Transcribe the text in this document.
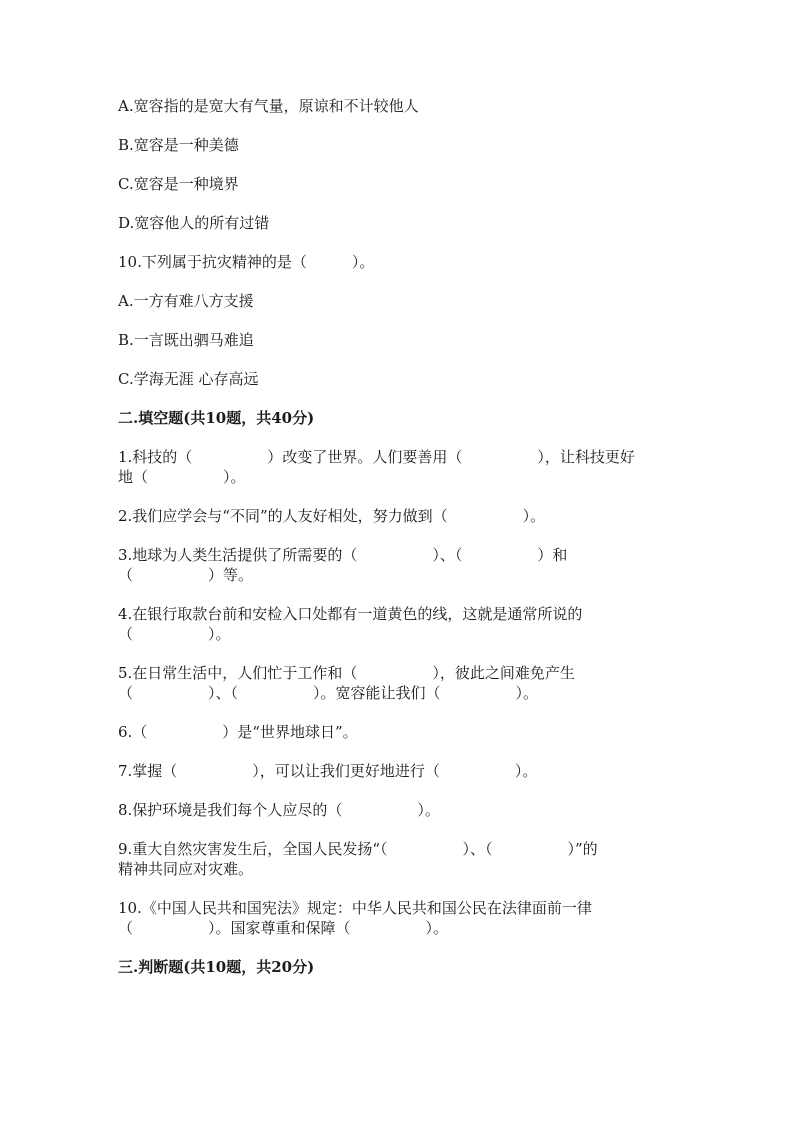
A.宽容指的是宽大有气量，原谅和不计较他人
B.宽容是一种美德
C.宽容是一种境界
D.宽容他人的所有过错
10.下列属于抗灾精神的是（　　　）。
A.一方有难八方支援
B.一言既出驷马难追
C.学海无涯 心存高远
二.填空题(共10题，共40分)
1.科技的（　　　　　）改变了世界。人们要善用（　　　　　），让科技更好
地（　　　　　）。
2.我们应学会与“不同”的人友好相处，努力做到（　　　　　）。
3.地球为人类生活提供了所需要的（　　　　　）、（　　　　　）和
（　　　　　）等。
4.在银行取款台前和安检入口处都有一道黄色的线，这就是通常所说的
（　　　　　）。
5.在日常生活中，人们忙于工作和（　　　　　），彼此之间难免产生
（　　　　　）、（　　　　　）。宽容能让我们（　　　　　）。
6.（　　　　　）是“世界地球日”。
7.掌握（　　　　　），可以让我们更好地进行（　　　　　）。
8.保护环境是我们每个人应尽的（　　　　　）。
9.重大自然灾害发生后，全国人民发扬“（　　　　　）、（　　　　　）”的
精神共同应对灾难。
10.《中国人民共和国宪法》规定：中华人民共和国公民在法律面前一律
（　　　　　）。国家尊重和保障（　　　　　）。
三.判断题(共10题，共20分)
